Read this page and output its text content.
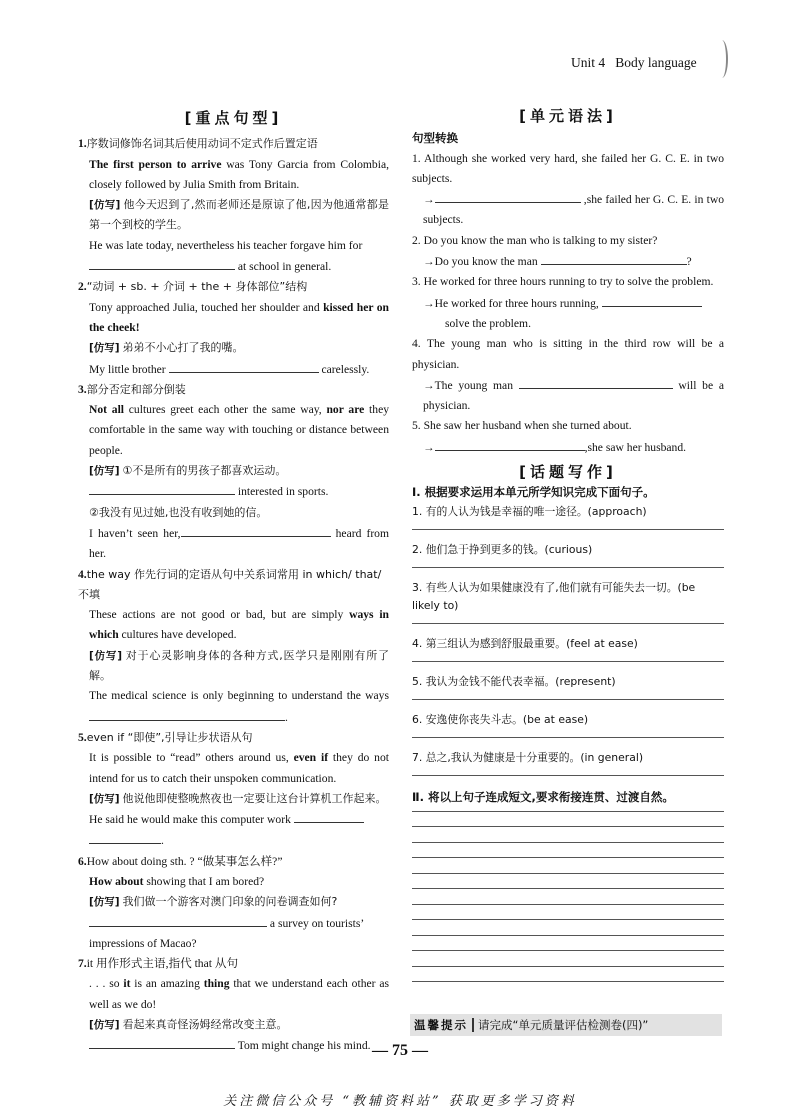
Unit 4 Body language

[重点句型]

1.序数词修饰名词其后使用动词不定式作后置定语

The first person to arrive was Tony Garcia from Colombia, closely followed by Julia Smith from Britain.

[仿写] 他今天迟到了,然而老师还是原谅了他,因为他通常都是第一个到校的学生。

He was late today, nevertheless his teacher forgave him for
at school in general.

2.“动词 + sb. + 介词 + the + 身体部位”结构

Tony approached Julia, touched her shoulder and kissed her on the cheek!

[仿写] 弟弟不小心打了我的嘴。

My little brother	carelessly.

3.部分否定和部分倒装

Not all cultures greet each other the same way, nor are they comfortable in the same way with touching or distance between people.

[仿写] ①不是所有的男孩子都喜欢运动。

interested in sports.

②我没有见过她,也没有收到她的信。

I haven’t seen her,	heard from her.

4.the way 作先行词的定语从句中关系词常用 in which/ that/不填

These actions are not good or bad, but are simply ways in which cultures have developed.

[仿写] 对于心灵影响身体的各种方式,医学只是刚刚有所了解。

The medical science is only beginning to understand the ways .

5.even if “即使”,引导让步状语从句

It is possible to “read” others around us, even if they do not intend for us to catch their unspoken communication.

[仿写] 他说他即使整晚熬夜也一定要让这台计算机工作起来。

He said he would make this computer work
.

6.How about doing sth. ? “做某事怎么样?”

How about showing that I am bored?

[仿写] 我们做一个游客对澳门印象的问卷调查如何?

a survey on tourists’
impressions of Macao?

7.it 用作形式主语,指代 that 从句

. . . so it is an amazing thing that we understand each other as well as we do!

[仿写] 看起来真奇怪汤姆经常改变主意。

Tom might change his mind.

[单元语法]

句型转换

1. Although she worked very hard, she failed her G. C. E. in two subjects.

→	,she failed her G. C. E. in two subjects.

2. Do you know the man who is talking to my sister?

→Do you know the man	?

3. He worked for three hours running to try to solve the problem.

→He worked for three hours running,
solve the problem.

4. The young man who is sitting in the third row will be a physician.

→The young man	will be a physician.

5. She saw her husband when she turned about.

→	,she saw her husband.

[话题写作]

Ⅰ. 根据要求运用本单元所学知识完成下面句子。

1. 有的人认为钱是幸福的唯一途径。(approach)

2. 他们急于挣到更多的钱。(curious)

3. 有些人认为如果健康没有了,他们就有可能失去一切。(be likely to)

4. 第三组认为感到舒服最重要。(feel at ease)

5. 我认为金钱不能代表幸福。(represent)

6. 安逸使你丧失斗志。(be at ease)

7. 总之,我认为健康是十分重要的。(in general)

Ⅱ. 将以上句子连成短文,要求衔接连贯、过渡自然。

温馨提示 请完成“单元质量评估检测卷(四)”
— 75 —
关注微信公众号 “教辅资料站” 获取更多学习资料
